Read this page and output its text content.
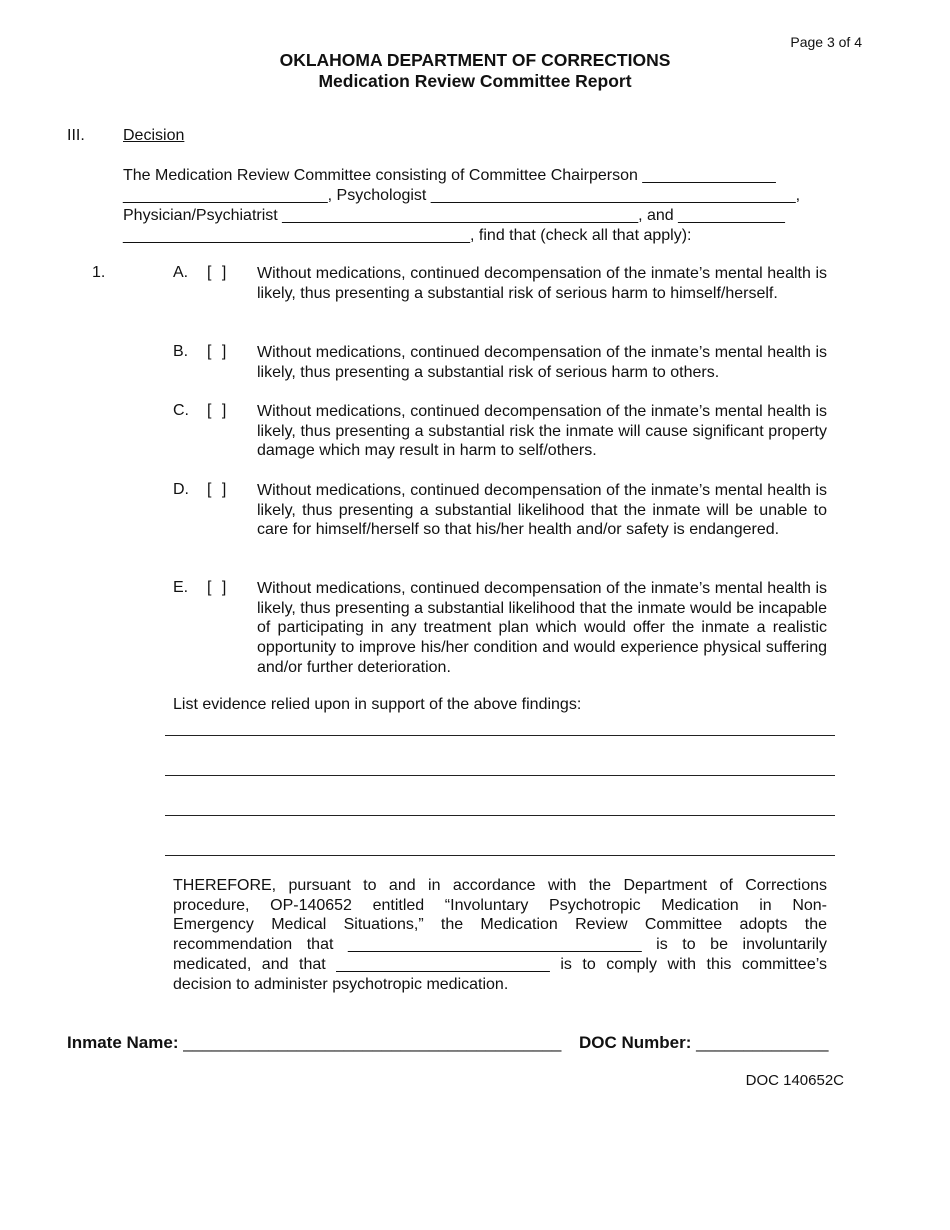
Page 3 of 4
OKLAHOMA DEPARTMENT OF CORRECTIONS
Medication Review Committee Report
III. Decision
The Medication Review Committee consisting of Committee Chairperson _______________
_______________________, Psychologist _________________________________________,
Physician/Psychiatrist ________________________________________, and ____________
_______________________________________, find that (check all that apply):
1.	A. [ ] Without medications, continued decompensation of the inmate’s mental health is likely, thus presenting a substantial risk of serious harm to himself/herself.
B. [ ] Without medications, continued decompensation of the inmate’s mental health is likely, thus presenting a substantial risk of serious harm to others.
C. [ ] Without medications, continued decompensation of the inmate’s mental health is likely, thus presenting a substantial risk the inmate will cause significant property damage which may result in harm to self/others.
D. [ ] Without medications, continued decompensation of the inmate’s mental health is likely, thus presenting a substantial likelihood that the inmate will be unable to care for himself/herself so that his/her health and/or safety is endangered.
E. [ ] Without medications, continued decompensation of the inmate’s mental health is likely, thus presenting a substantial likelihood that the inmate would be incapable of participating in any treatment plan which would offer the inmate a realistic opportunity to improve his/her condition and would experience physical suffering and/or further deterioration.
List evidence relied upon in support of the above findings:
THEREFORE, pursuant to and in accordance with the Department of Corrections
procedure, OP-140652 entitled “Involuntary Psychotropic Medication in Non-
Emergency Medical Situations,” the Medication Review Committee adopts the
recommendation that _________________________________ is to be involuntarily
medicated, and that ________________________ is to comply with this committee’s
decision to administer psychotropic medication.
Inmate Name: ________________________________________ DOC Number: ______________
DOC 140652C
